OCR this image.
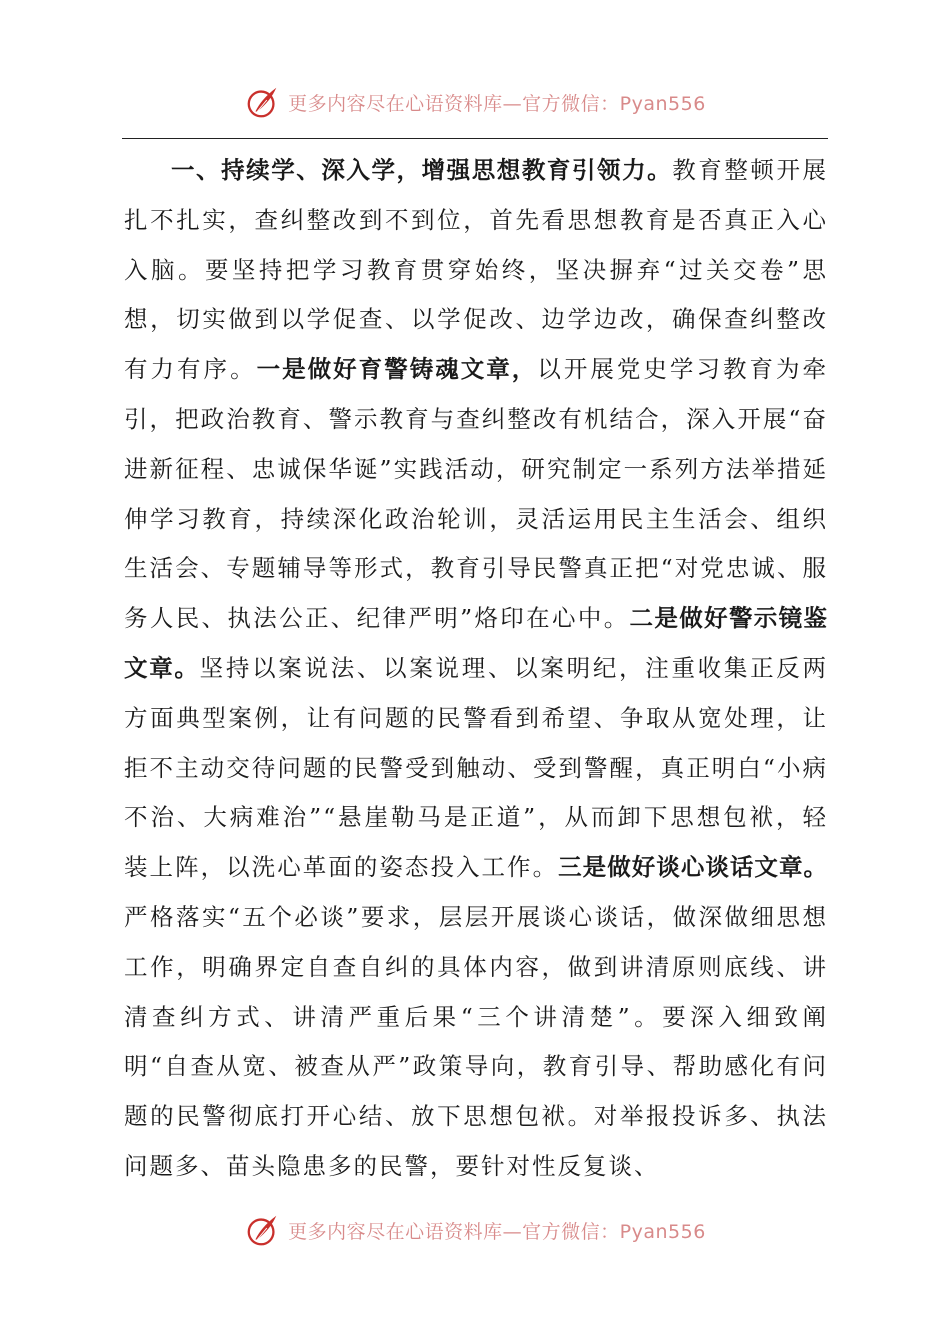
更多内容尽在心语资料库—官方微信：Pyan556

一、持续学、深入学，增强思想教育引领力。教育整顿开展扎不扎实，查纠整改到不到位，首先看思想教育是否真正入心入脑。要坚持把学习教育贯穿始终，坚决摒弃“过关交卷”思想，切实做到以学促查、以学促改、边学边改，确保查纠整改有力有序。一是做好育警铸魂文章，以开展党史学习教育为牵引，把政治教育、警示教育与查纠整改有机结合，深入开展“奋进新征程、忠诚保华诞”实践活动，研究制定一系列方法举措延伸学习教育，持续深化政治轮训，灵活运用民主生活会、组织生活会、专题辅导等形式，教育引导民警真正把“对党忠诚、服务人民、执法公正、纪律严明”烙印在心中。二是做好警示镜鉴文章。坚持以案说法、以案说理、以案明纪，注重收集正反两方面典型案例，让有问题的民警看到希望、争取从宽处理，让拒不主动交待问题的民警受到触动、受到警醒，真正明白“小病不治、大病难治”“悬崖勒马是正道”，从而卸下思想包袱，轻装上阵，以洗心革面的姿态投入工作。三是做好谈心谈话文章。严格落实“五个必谈”要求，层层开展谈心谈话，做深做细思想工作，明确界定自查自纠的具体内容，做到讲清原则底线、讲清查纠方式、讲清严重后果“三个讲清楚”。要深入细致阐明“自查从宽、被查从严”政策导向，教育引导、帮助感化有问题的民警彻底打开心结、放下思想包袱。对举报投诉多、执法问题多、苗头隐患多的民警，要针对性反复谈、

更多内容尽在心语资料库—官方微信：Pyan556
